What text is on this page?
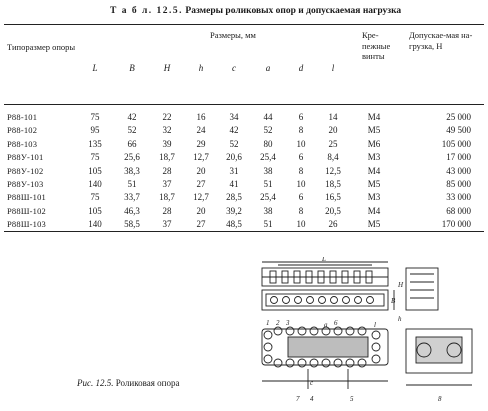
Т а б л. 12.5. Размеры роликовых опор и допускаемая нагрузка
Типоразмер опоры
Размеры, мм	Кре-пежные винты
Допускае-мая на-грузка, Н
L	B	H	h	c	a	d	l
Р88-101	75	42	22	16	34	44	6	14	М4	25 000
Р88-102	95	52	32	24	42	52	8	20	М5	49 500
Р88-103	135	66	39	29	52	80	10	25	М6	105 000
Р88У-101	75	25,6	18,7	12,7	20,6	25,4	6	8,4	М3	17 000
Р88У-102	105	38,3	28	20	31	38	8	12,5	М4	43 000
Р88У-103	140	51	37	27	41	51	10	18,5	М5	85 000
Р88Ш-101	75	33,7	18,7	12,7	28,5	25,4	6	16,5	М3	33 000
Р88Ш-102	105	46,3	28	20	39,2	38	8	20,5	М4	68 000
Р88Ш-103	140	58,5	37	27	48,5	51	10	26	М5	170 000
L
B
H
h
c
a	l
1 2 3
4	5
6
7	8
Рис. 12.5. Роликовая опора
